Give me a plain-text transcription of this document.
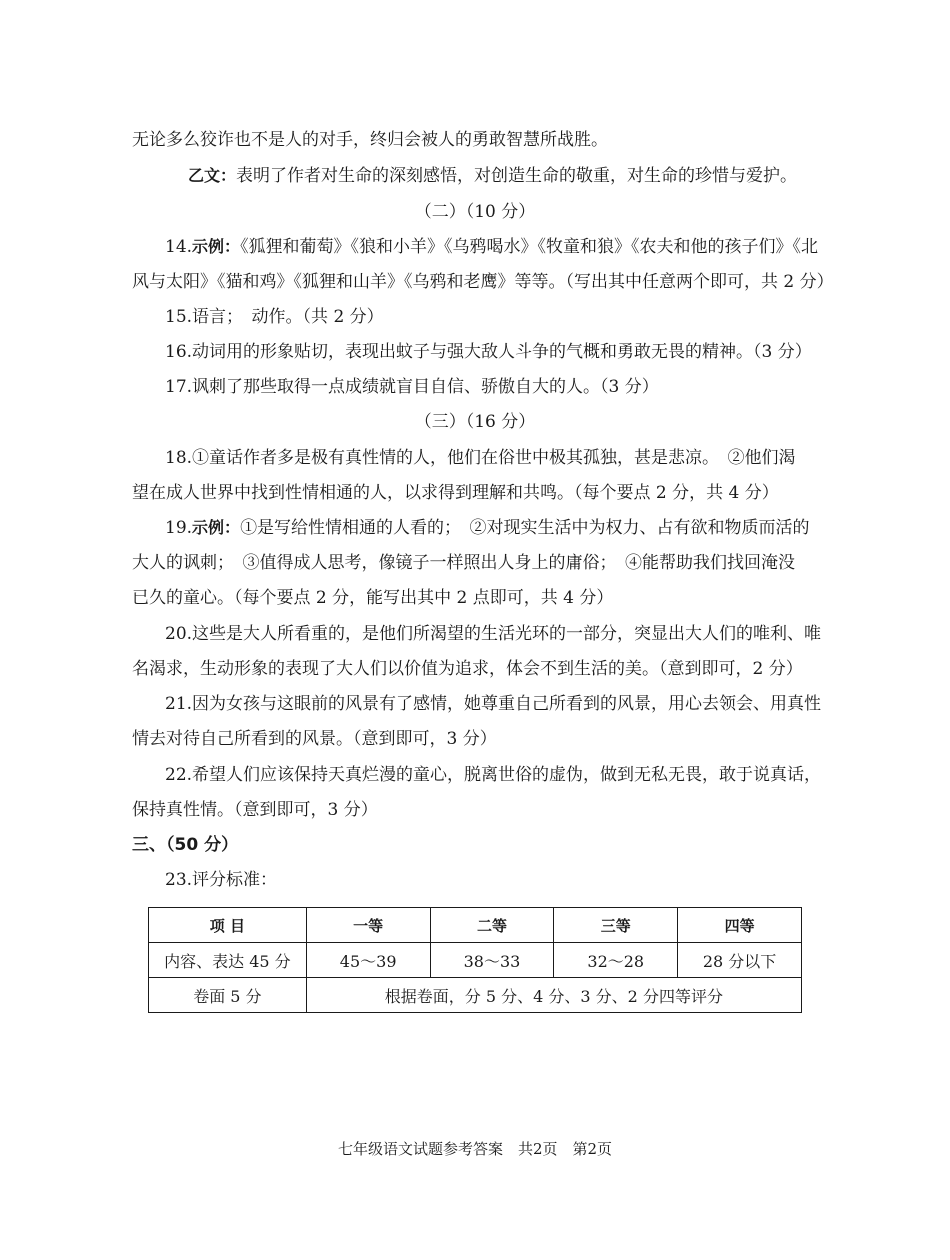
无论多么狡诈也不是人的对手，终归会被人的勇敢智慧所战胜。
乙文：表明了作者对生命的深刻感悟，对创造生命的敬重，对生命的珍惜与爱护。
（二）（10 分）
14.示例：《狐狸和葡萄》《狼和小羊》《乌鸦喝水》《牧童和狼》《农夫和他的孩子们》《北
风与太阳》《猫和鸡》《狐狸和山羊》《乌鸦和老鹰》等等。（写出其中任意两个即可，共 2 分）
15.语言；　动作。（共 2 分）
16.动词用的形象贴切，表现出蚊子与强大敌人斗争的气概和勇敢无畏的精神。（3 分）
17.讽刺了那些取得一点成绩就盲目自信、骄傲自大的人。（3 分）
（三）（16 分）
18.①童话作者多是极有真性情的人，他们在俗世中极其孤独，甚是悲凉。　②他们渴
望在成人世界中找到性情相通的人，以求得到理解和共鸣。（每个要点 2 分，共 4 分）
19.示例：①是写给性情相通的人看的；　②对现实生活中为权力、占有欲和物质而活的
大人的讽刺；　③值得成人思考，像镜子一样照出人身上的庸俗；　④能帮助我们找回淹没
已久的童心。（每个要点 2 分，能写出其中 2 点即可，共 4 分）
20.这些是大人所看重的，是他们所渴望的生活光环的一部分，突显出大人们的唯利、唯
名渴求，生动形象的表现了大人们以价值为追求，体会不到生活的美。（意到即可，2 分）
21.因为女孩与这眼前的风景有了感情，她尊重自己所看到的风景，用心去领会、用真性
情去对待自己所看到的风景。（意到即可，3 分）
22.希望人们应该保持天真烂漫的童心，脱离世俗的虚伪，做到无私无畏，敢于说真话，
保持真性情。（意到即可，3 分）
三、（50 分）
23.评分标准：
项 目	一等	二等	三等	四等
内容、表达 45 分	45～39	38～33	32～28	28 分以下
卷面 5 分	根据卷面，分 5 分、4 分、3 分、2 分四等评分			
七年级语文试题参考答案　共2页　第2页
